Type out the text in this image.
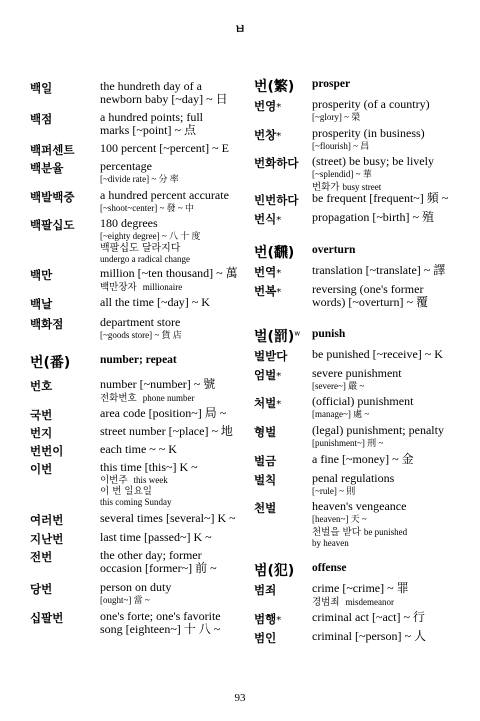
ㅂ
백일	the hundreth day of a
newborn baby [~day] ~ 日
백점	a hundred points; full
marks [~point] ~ 点
백퍼센트 100 percent [~percent] ~ E
백분율	percentage
[~divide rate] ~ 分 率
백발백중 a hundred percent accurate
[~shoot~center] ~ 發 ~ 中
백팔십도 180 degrees
[~eighty degree] ~ 八 十 度
백팔십도 달라지다
undergo a radical change
백만	million [~ten thousand] ~ 萬
백만장자 millionaire
백날	all the time [~day] ~ K
백화점	department store
[~goods store] ~ 貨 店
번(番)	number; repeat
번호	number [~number] ~ 號
전화번호 phone number
국번	area code [position~] 局 ~
번지	street number [~place] ~ 地
번번이	each time ~ ~ K
이번	this time [this~] K ~
이번주 this week
이 번 일요일
this coming Sunday
여러번	several times [several~] K ~
지난번	last time [passed~] K ~
전번	the other day; former
occasion [former~] 前 ~
당번	person on duty
[ought~] 當 ~
십팔번	one's forte; one's favorite
song [eighteen~] 十 八 ~
번(繁) prosper
번영*	prosperity (of a country)
[~glory] ~ 榮
번창*	prosperity (in business)
[~flourish] ~ 昌
번화하다 (street) be busy; be lively
[~splendid] ~ 華
번화가 busy street
빈번하다 be frequent [frequent~] 頻 ~
번식*	propagation [~birth] ~ 殖
번(飜) overturn
번역*	translation [~translate] ~ 譯
번복*	reversing (one's former
words) [~overturn] ~ 覆
벌(罰)$^w$ punish
벌받다 be punished [~receive] ~ K
엄벌*	severe punishment
[severe~] 嚴 ~
처벌*	(official) punishment
[manage~] 處 ~
형벌	(legal) punishment; penalty
[punishment~] 刑 ~
벌금	a fine [~money] ~ 金
벌칙	penal regulations
[~rule] ~ 則
천벌	heaven's vengeance
[heaven~] 天 ~
천벌을 받다 be punished
by heaven
범(犯) offense
범죄	crime [~crime] ~ 罪
경범죄 misdemeanor
범행*	criminal act [~act] ~ 行
범인	criminal [~person] ~ 人
93
